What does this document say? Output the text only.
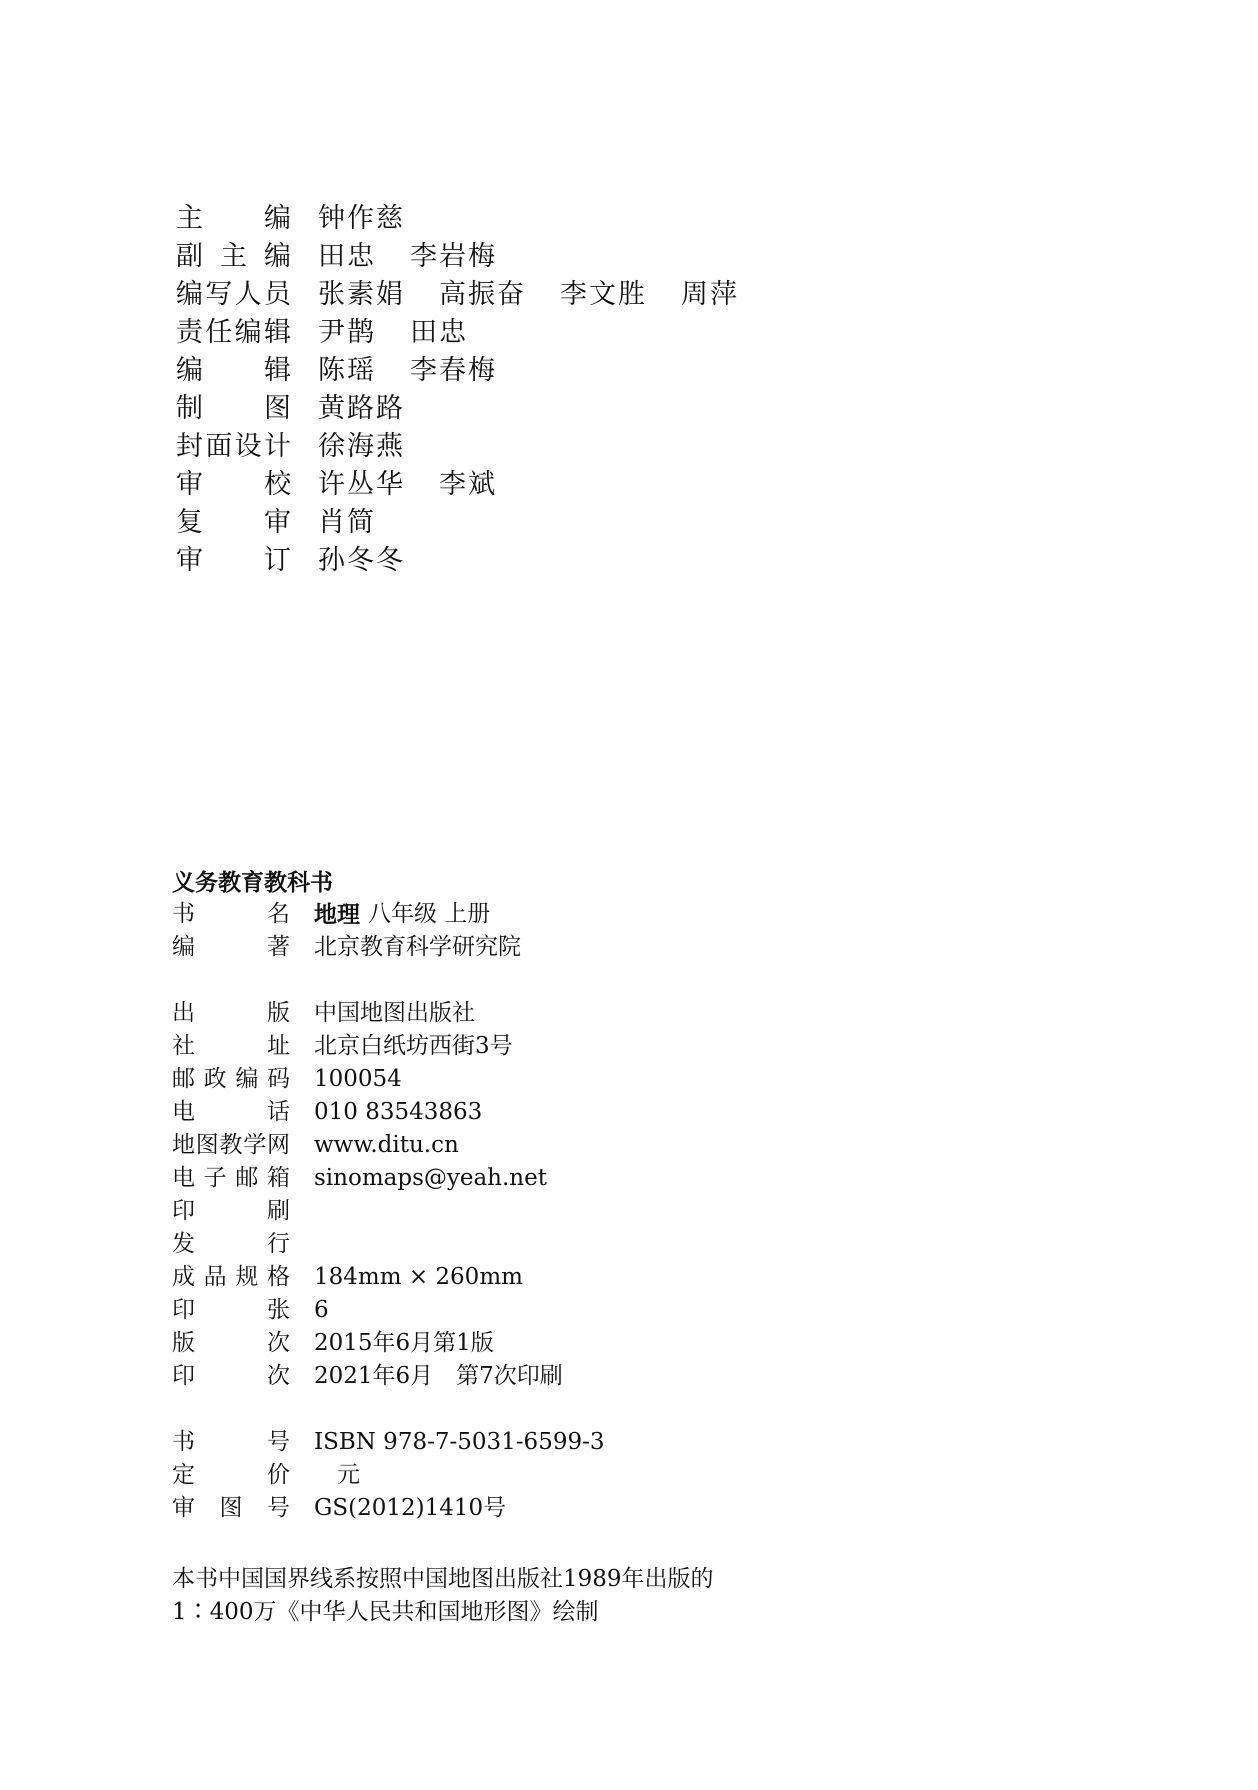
主编 钟作慈
副主编 田忠 李岩梅
编写人员 张素娟 高振奋 李文胜 周萍
责任编辑 尹鹊 田忠
编辑 陈瑶 李春梅
制图 黄路路
封面设计 徐海燕
审校 许丛华 李斌
复审 肖简
审订 孙冬冬
义务教育教科书
书名 地理 八年级 上册
编著 北京教育科学研究院
出版 中国地图出版社
社址 北京白纸坊西街3号
邮政编码 100054
电话 010 83543863
地图教学网 www.ditu.cn
电子邮箱 sinomaps@yeah.net
印刷
发行
成品规格 184mm × 260mm
印张 6
版次 2015年6月第1版
印次 2021年6月　第7次印刷
书号 ISBN 978-7-5031-6599-3
定价 　元
审图号 GS(2012)1410号
本书中国国界线系按照中国地图出版社1989年出版的
1∶400万《中华人民共和国地形图》绘制
